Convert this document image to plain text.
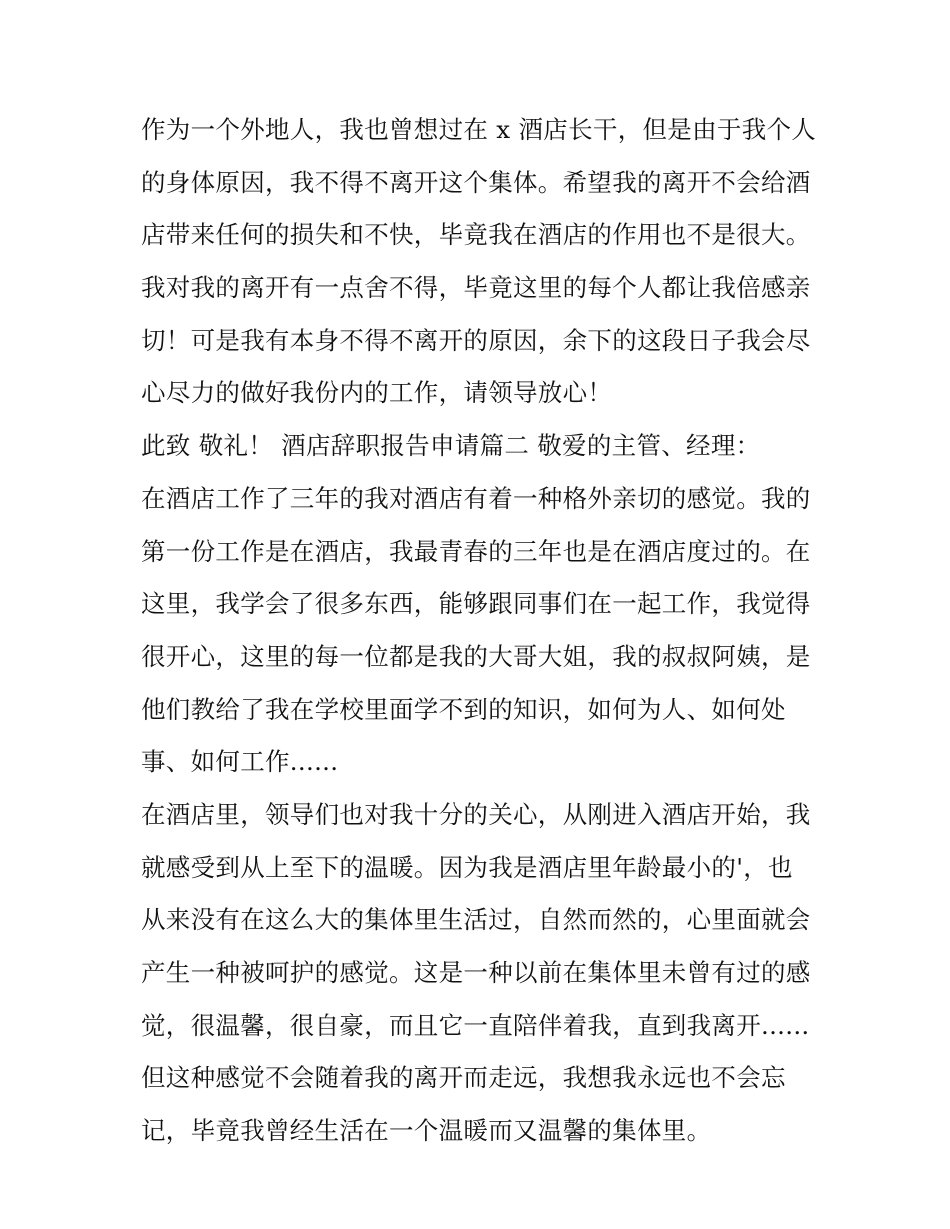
作为一个外地人，我也曾想过在 x 酒店长干，但是由于我个人
的身体原因，我不得不离开这个集体。希望我的离开不会给酒
店带来任何的损失和不快，毕竟我在酒店的作用也不是很大。
我对我的离开有一点舍不得，毕竟这里的每个人都让我倍感亲
切！可是我有本身不得不离开的原因，余下的这段日子我会尽
心尽力的做好我份内的工作，请领导放心！
此致 敬礼！ 酒店辞职报告申请篇二 敬爱的主管、经理：
在酒店工作了三年的我对酒店有着一种格外亲切的感觉。我的
第一份工作是在酒店，我最青春的三年也是在酒店度过的。在
这里，我学会了很多东西，能够跟同事们在一起工作，我觉得
很开心，这里的每一位都是我的大哥大姐，我的叔叔阿姨，是
他们教给了我在学校里面学不到的知识，如何为人、如何处
事、如何工作......
在酒店里，领导们也对我十分的关心，从刚进入酒店开始，我
就感受到从上至下的温暖。因为我是酒店里年龄最小的'，也
从来没有在这么大的集体里生活过，自然而然的，心里面就会
产生一种被呵护的感觉。这是一种以前在集体里未曾有过的感
觉，很温馨，很自豪，而且它一直陪伴着我，直到我离开......
但这种感觉不会随着我的离开而走远，我想我永远也不会忘
记，毕竟我曾经生活在一个温暖而又温馨的集体里。
